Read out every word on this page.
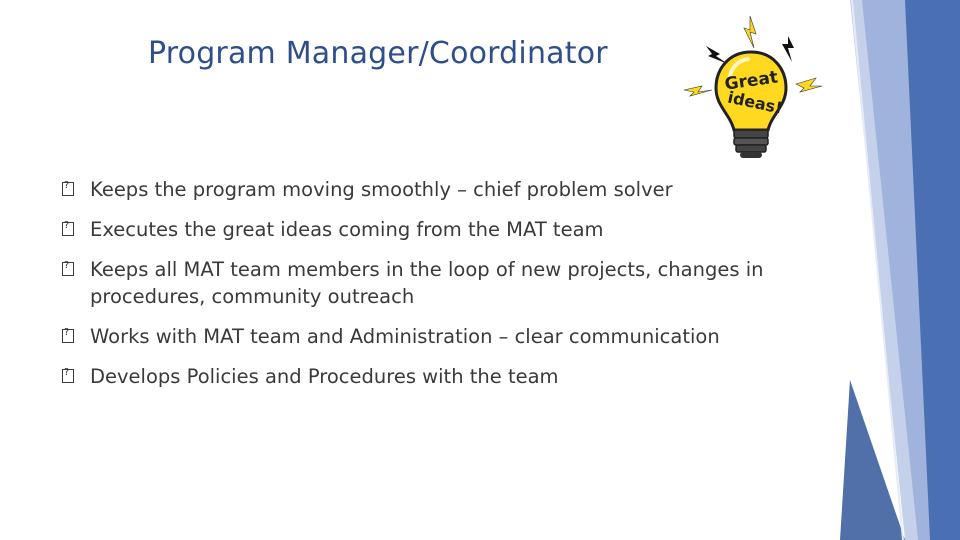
Program Manager/Coordinator
Great
ideas!
?
Keeps the program moving smoothly – chief problem solver
?
Executes the great ideas coming from the MAT team
?
Keeps all MAT team members in the loop of new projects, changes in procedures, community outreach
?
Works with MAT team and Administration – clear communication
?
Develops Policies and Procedures with the team
